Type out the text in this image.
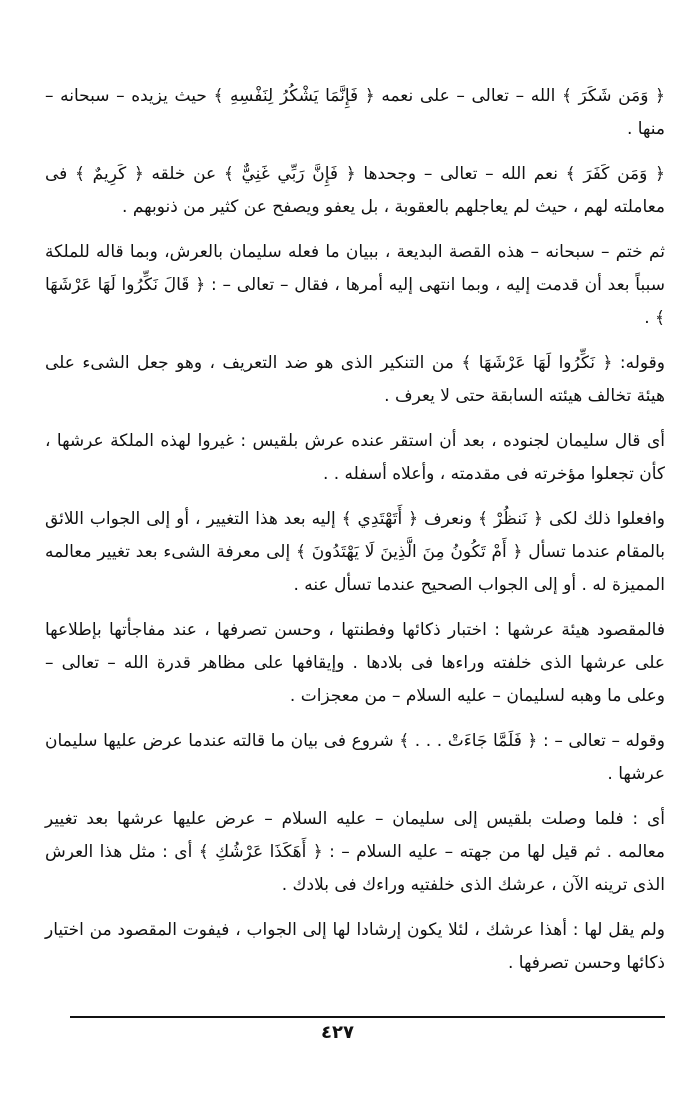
﴿ وَمَن شَكَرَ ﴾ الله – تعالى – على نعمه ﴿ فَإِنَّمَا يَشْكُرُ لِنَفْسِهِ ﴾ حيث يزيده – سبحانه – منها .

﴿ وَمَن كَفَرَ ﴾ نعم الله – تعالى – وجحدها ﴿ فَإِنَّ رَبِّي غَنِيٌّ ﴾ عن خلقه ﴿ كَرِيمٌ ﴾ فى معاملته لهم ، حيث لم يعاجلهم بالعقوبة ، بل يعفو ويصفح عن كثير من ذنوبهم .

ثم ختم – سبحانه – هذه القصة البديعة ، ببيان ما فعله سليمان بالعرش، وبما قاله للملكة سبباً بعد أن قدمت إليه ، وبما انتهى إليه أمرها ، فقال – تعالى – : ﴿ قَالَ نَكِّرُوا لَهَا عَرْشَهَا ﴾ .

وقوله: ﴿ نَكِّرُوا لَهَا عَرْشَهَا ﴾ من التنكير الذى هو ضد التعريف ، وهو جعل الشىء على هيئة تخالف هيئته السابقة حتى لا يعرف .

أى قال سليمان لجنوده ، بعد أن استقر عنده عرش بلقيس : غيروا لهذه الملكة عرشها ، كأن تجعلوا مؤخرته فى مقدمته ، وأعلاه أسفله . .

وافعلوا ذلك لكى ﴿ نَنظُرْ ﴾ ونعرف ﴿ أَتَهْتَدِي ﴾ إليه بعد هذا التغيير ، أو إلى الجواب اللائق بالمقام عندما تسأل ﴿ أَمْ تَكُونُ مِنَ الَّذِينَ لَا يَهْتَدُونَ ﴾ إلى معرفة الشىء بعد تغيير معالمه المميزة له . أو إلى الجواب الصحيح عندما تسأل عنه .

فالمقصود هيئة عرشها : اختبار ذكائها وفطنتها ، وحسن تصرفها ، عند مفاجأتها بإطلاعها على عرشها الذى خلفته وراءها فى بلادها . وإيقافها على مظاهر قدرة الله – تعالى – وعلى ما وهبه لسليمان – عليه السلام – من معجزات .

وقوله – تعالى – : ﴿ فَلَمَّا جَاءَتْ . . . ﴾ شروع فى بيان ما قالته عندما عرض عليها سليمان عرشها .

أى : فلما وصلت بلقيس إلى سليمان – عليه السلام – عرض عليها عرشها بعد تغيير معالمه . ثم قيل لها من جهته – عليه السلام – : ﴿ أَهَكَذَا عَرْشُكِ ﴾ أى : مثل هذا العرش الذى ترينه الآن ، عرشك الذى خلفتيه وراءك فى بلادك .

ولم يقل لها : أهذا عرشك ، لئلا يكون إرشادا لها إلى الجواب ، فيفوت المقصود من اختيار ذكائها وحسن تصرفها .

٤٢٧
